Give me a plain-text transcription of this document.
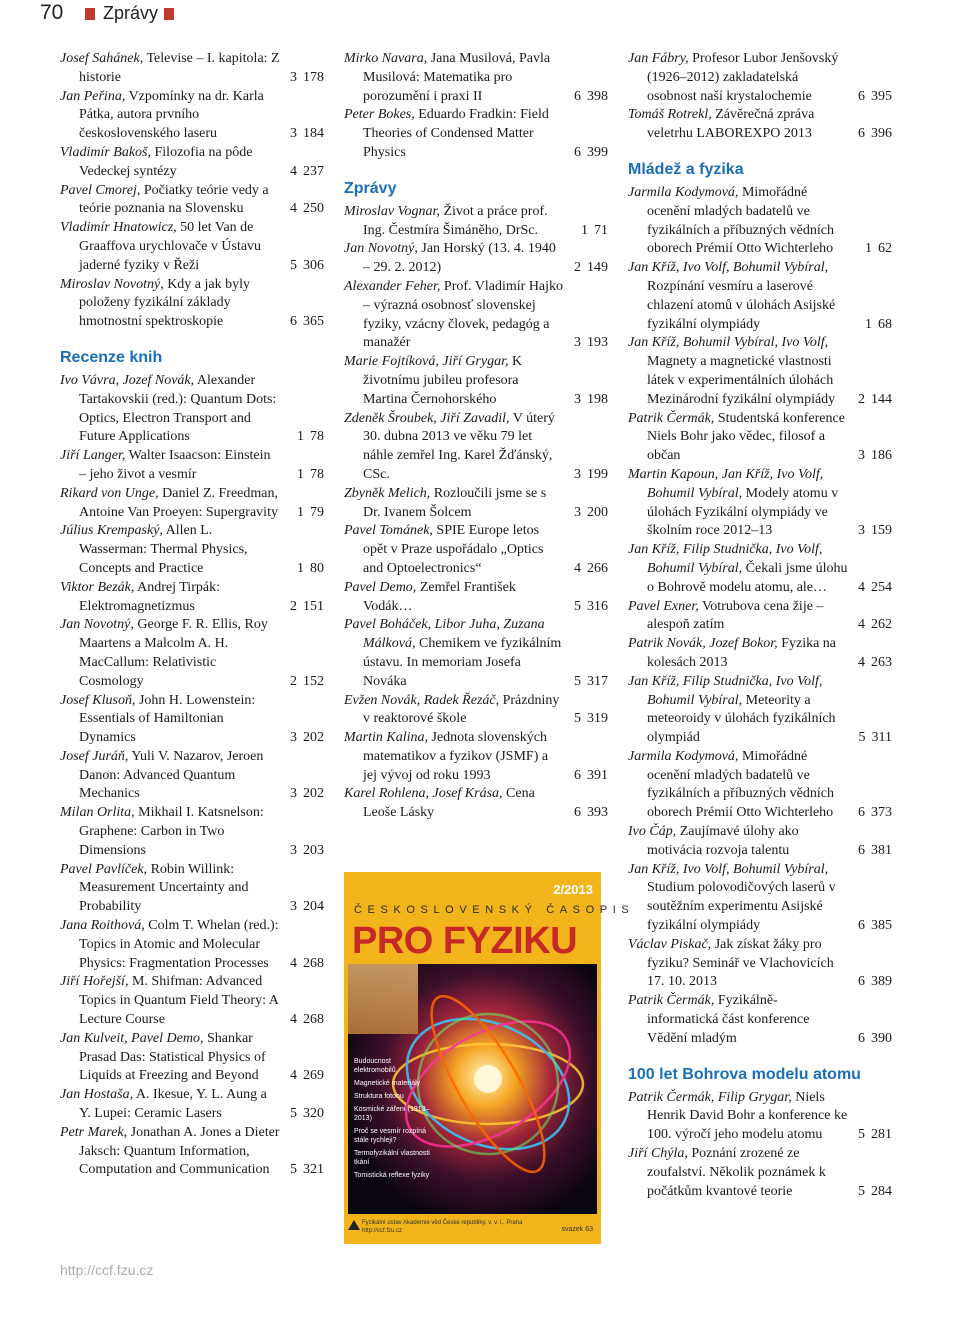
70 Zprávy
Josef Sahánek, Televise – I. kapitola: Z historie	3 178
Jan Peřina, Vzpomínky na dr. Karla Pátka, autora prvního československého laseru	3 184
Vladimír Bakoš, Filozofia na pôde Vedeckej syntézy	4 237
Pavel Cmorej, Počiatky teórie vedy a teórie poznania na Slovensku	4 250
Vladimír Hnatowicz, 50 let Van de Graaffova urychlovače v Ústavu jaderné fyziky v Řeži	5 306
Miroslav Novotný, Kdy a jak byly položeny fyzikální základy hmotnostní spektroskopie	6 365
Recenze knih
Ivo Vávra, Jozef Novák, Alexander Tartakovskii (red.): Quantum Dots: Optics, Electron Transport and Future Applications	1 78
Jiří Langer, Walter Isaacson: Einstein – jeho život a vesmír	1 78
Rikard von Unge, Daniel Z. Freedman, Antoine Van Proeyen: Supergravity 1 79
Július Krempaský, Allen L. Wasserman: Thermal Physics, Concepts and Practice	1 80
Viktor Bezák, Andrej Tirpák: Elektromagnetizmus	2 151
Jan Novotný, George F. R. Ellis, Roy Maartens a Malcolm A. H. MacCallum: Relativistic Cosmology	2 152
Josef Klusoň, John H. Lowenstein: Essentials of Hamiltonian Dynamics	3 202
Josef Juráň, Yuli V. Nazarov, Jeroen Danon: Advanced Quantum Mechanics	3 202
Milan Orlita, Mikhail I. Katsnelson: Graphene: Carbon in Two Dimensions	3 203
Pavel Pavlíček, Robin Willink: Measurement Uncertainty and Probability	3 204
Jana Roithová, Colm T. Whelan (red.): Topics in Atomic and Molecular Physics: Fragmentation Processes 4 268
Jiří Hořejší, M. Shifman: Advanced Topics in Quantum Field Theory: A Lecture Course	4 268
Jan Kulveit, Pavel Demo, Shankar Prasad Das: Statistical Physics of Liquids at Freezing and Beyond 4 269
Jan Hostaša, A. Ikesue, Y. L. Aung a Y. Lupei: Ceramic Lasers	5 320
Petr Marek, Jonathan A. Jones a Dieter Jaksch: Quantum Information, Computation and Communication 5 321
http://ccf.fzu.cz
Mirko Navara, Jana Musilová, Pavla Musilová: Matematika pro porozumění i praxi II	6 398
Peter Bokes, Eduardo Fradkin: Field Theories of Condensed Matter Physics	6 399
Zprávy
Miroslav Vognar, Život a práce prof. Ing. Čestmíra Šimáněho, DrSc.	1 71
Jan Novotný, Jan Horský (13. 4. 1940 – 29. 2. 2012)	2 149
Alexander Feher, Prof. Vladimír Hajko – výrazná osobnosť slovenskej fyziky, vzácny človek, pedagóg a manažér	3 193
Marie Fojtíková, Jiří Grygar, K životnímu jubileu profesora Martina Černohorského	3 198
Zdeněk Šroubek, Jiří Zavadil, V úterý 30. dubna 2013 ve věku 79 let náhle zemřel Ing. Karel Žďánský, CSc.	3 199
Zbyněk Melich, Rozloučili jsme se s Dr. Ivanem Šolcem	3 200
Pavel Tománek, SPIE Europe letos opět v Praze uspořádalo „Optics and Optoelectronics“	4 266
Pavel Demo, Zemřel František Vodák…	5 316
Pavel Boháček, Libor Juha, Zuzana Málková, Chemikem ve fyzikálním ústavu. In memoriam Josefa Nováka	5 317
Evžen Novák, Radek Řezáč, Prázdniny v reaktorové škole	5 319
Martin Kalina, Jednota slovenských matematikov a fyzikov (JSMF) a jej vývoj od roku 1993	6 391
Karel Rohlena, Josef Krása, Cena Leoše Lásky	6 393
2/2013
ČESKOSLOVENSKÝ ČASOPIS
PRO FYZIKU
Budoucnost elektromobilů
Magnetické materiály
Struktura fotonu
Kosmické záření (1913–2013)
Proč se vesmír rozpíná stále rychleji?
Termofyzikální vlastnosti tkání
Tomistická reflexe fyziky
Fyzikální ústav Akademie věd České republiky, v. v. i., Praha
http://ccf.fzu.cz	svazek 63
Jan Fábry, Profesor Lubor Jenšovský (1926–2012) zakladatelská osobnost naší krystalochemie	6 395
Tomáš Rotrekl, Závěrečná zpráva veletrhu LABOREXPO 2013	6 396
Mládež a fyzika
Jarmila Kodymová, Mimořádné ocenění mladých badatelů ve fyzikálních a příbuzných vědních oborech Prémií Otto Wichterleho 1 62
Jan Kříž, Ivo Volf, Bohumil Vybíral, Rozpínání vesmíru a laserové chlazení atomů v úlohách Asijské fyzikální olympiády	1 68
Jan Kříž, Bohumil Vybíral, Ivo Volf, Magnety a magnetické vlastnosti látek v experimentálních úlohách Mezinárodní fyzikální olympiády 2 144
Patrik Čermák, Studentská konference Niels Bohr jako vědec, filosof a občan	3 186
Martin Kapoun, Jan Kříž, Ivo Volf, Bohumil Vybíral, Modely atomu v úlohách Fyzikální olympiády ve školním roce 2012–13	3 159
Jan Kříž, Filip Studnička, Ivo Volf, Bohumil Vybíral, Čekali jsme úlohu o Bohrově modelu atomu, ale… 4 254
Pavel Exner, Votrubova cena žije – alespoň zatím	4 262
Patrik Novák, Jozef Bokor, Fyzika na kolesách 2013	4 263
Jan Kříž, Filip Studnička, Ivo Volf, Bohumil Vybíral, Meteority a meteoroidy v úlohách fyzikálních olympiád	5 311
Jarmila Kodymová, Mimořádné ocenění mladých badatelů ve fyzikálních a příbuzných vědních oborech Prémií Otto Wichterleho 6 373
Ivo Čáp, Zaujímavé úlohy ako motivácia rozvoja talentu	6 381
Jan Kříž, Ivo Volf, Bohumil Vybíral, Studium polovodičových laserů v soutěžním experimentu Asijské fyzikální olympiády	6 385
Václav Piskač, Jak získat žáky pro fyziku? Seminář ve Vlachovicích 17. 10. 2013	6 389
Patrik Čermák, Fyzikálně-informatická část konference Vědění mladým	6 390
100 let Bohrova modelu atomu
Patrik Čermák, Filip Grygar, Niels Henrik David Bohr a konference ke 100. výročí jeho modelu atomu	5 281
Jiří Chýla, Poznání zrozené ze zoufalství. Několik poznámek k počátkům kvantové teorie	5 284
